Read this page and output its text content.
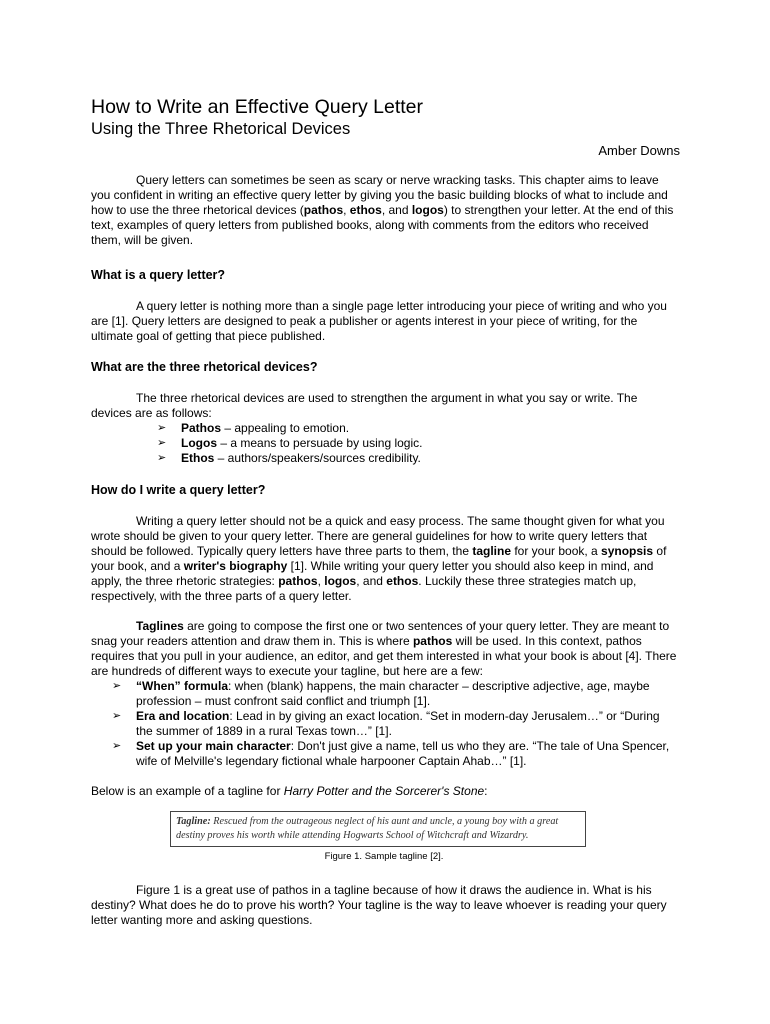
How to Write an Effective Query Letter
Using the Three Rhetorical Devices
Amber Downs

Query letters can sometimes be seen as scary or nerve wracking tasks. This chapter aims to leave you confident in writing an effective query letter by giving you the basic building blocks of what to include and how to use the three rhetorical devices (pathos, ethos, and logos) to strengthen your letter. At the end of this text, examples of query letters from published books, along with comments from the editors who received them, will be given.

What is a query letter?

A query letter is nothing more than a single page letter introducing your piece of writing and who you are [1]. Query letters are designed to peak a publisher or agents interest in your piece of writing, for the ultimate goal of getting that piece published.

What are the three rhetorical devices?

The three rhetorical devices are used to strengthen the argument in what you say or write. The devices are as follows:

➢ Pathos – appealing to emotion.
➢ Logos – a means to persuade by using logic.
➢ Ethos – authors/speakers/sources credibility.
How do I write a query letter?

Writing a query letter should not be a quick and easy process. The same thought given for what you wrote should be given to your query letter. There are general guidelines for how to write query letters that should be followed. Typically query letters have three parts to them, the tagline for your book, a synopsis of your book, and a writer's biography [1]. While writing your query letter you should also keep in mind, and apply, the three rhetoric strategies: pathos, logos, and ethos. Luckily these three strategies match up, respectively, with the three parts of a query letter.

Taglines are going to compose the first one or two sentences of your query letter. They are meant to snag your readers attention and draw them in. This is where pathos will be used. In this context, pathos requires that you pull in your audience, an editor, and get them interested in what your book is about [4]. There are hundreds of different ways to execute your tagline, but here are a few:

➢ “When” formula: when (blank) happens, the main character – descriptive adjective, age, maybe profession – must confront said conflict and triumph [1].
➢ Era and location: Lead in by giving an exact location. “Set in modern-day Jerusalem…” or “During the summer of 1889 in a rural Texas town…” [1].
➢ Set up your main character: Don't just give a name, tell us who they are. “The tale of Una Spencer, wife of Melville's legendary fictional whale harpooner Captain Ahab…” [1].

Below is an example of a tagline for Harry Potter and the Sorcerer's Stone:

Tagline: Rescued from the outrageous neglect of his aunt and uncle, a young boy with a great destiny proves his worth while attending Hogwarts School of Witchcraft and Wizardry.
Figure 1. Sample tagline [2].

Figure 1 is a great use of pathos in a tagline because of how it draws the audience in. What is his destiny? What does he do to prove his worth? Your tagline is the way to leave whoever is reading your query letter wanting more and asking questions.
